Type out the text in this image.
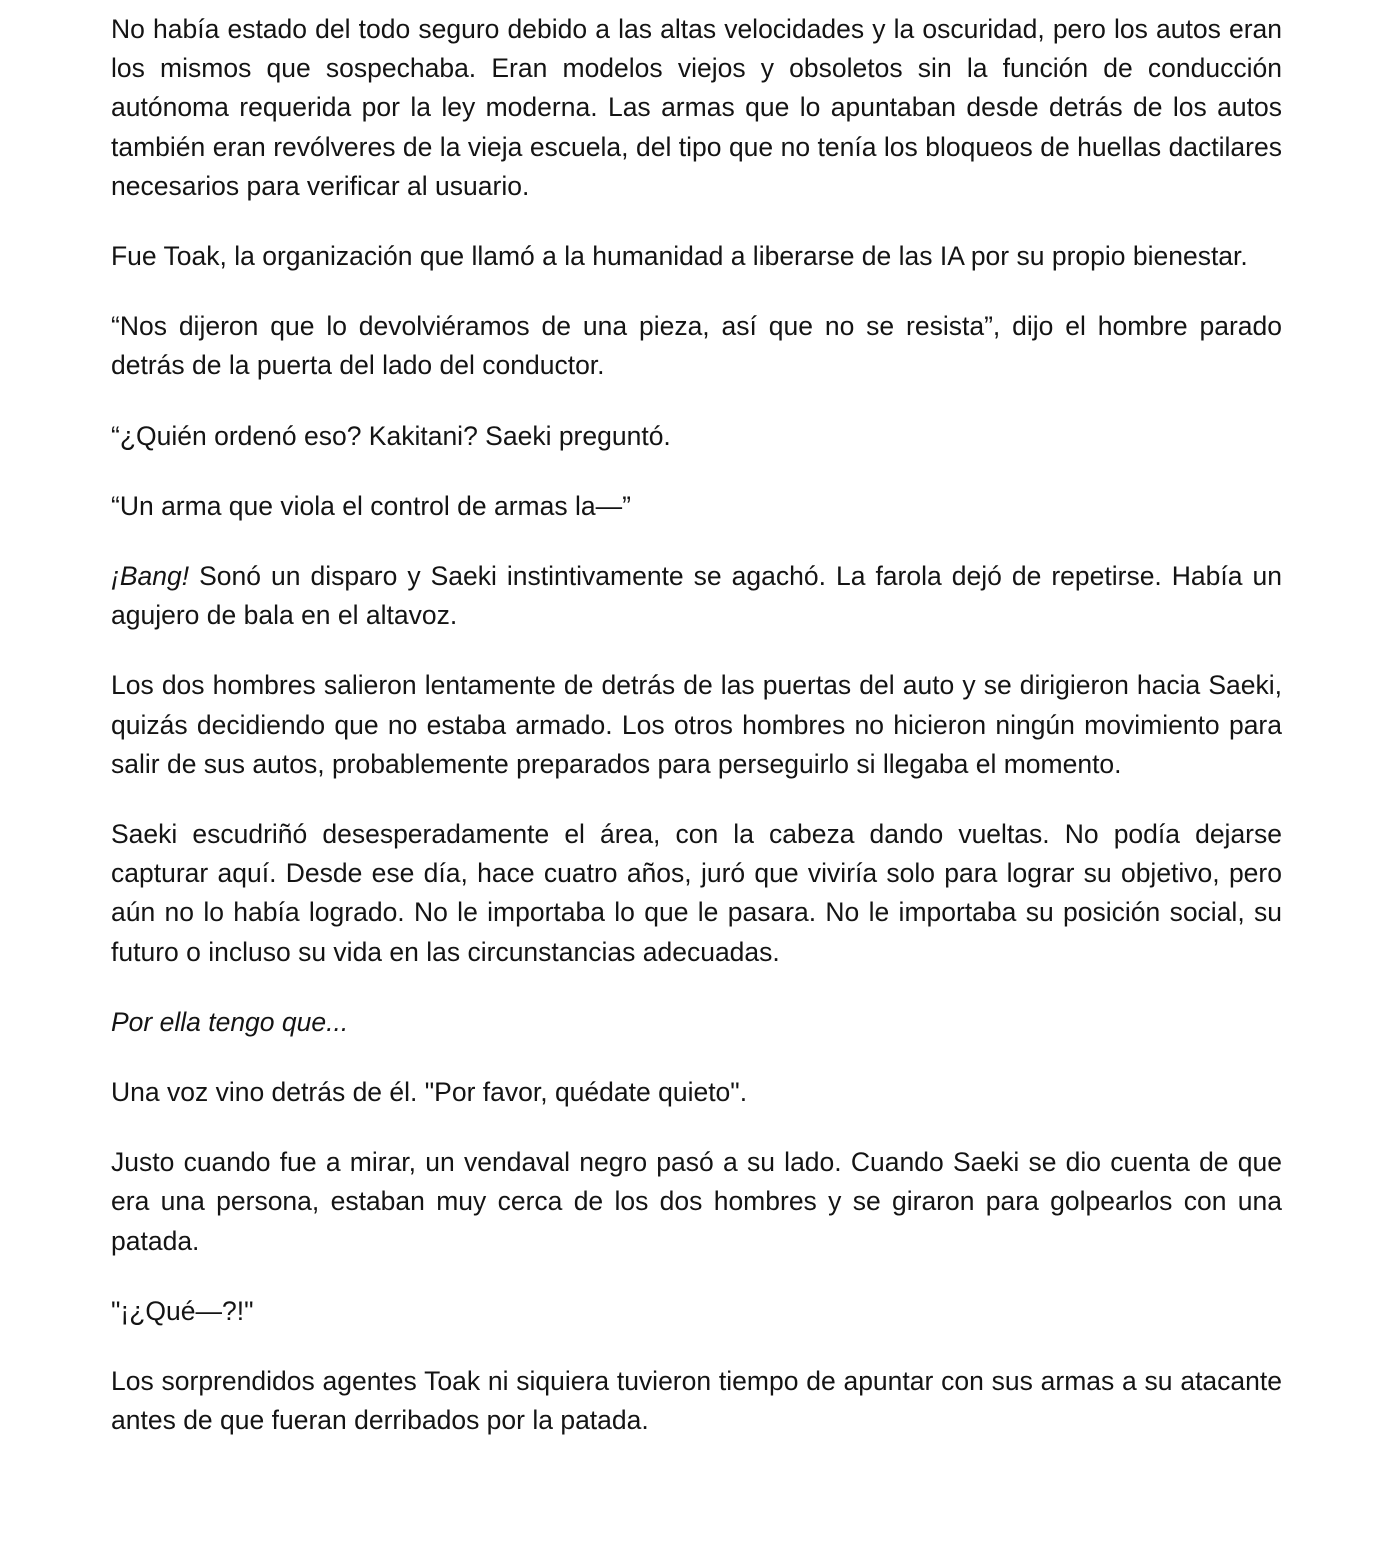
No había estado del todo seguro debido a las altas velocidades y la oscuridad, pero los autos eran los mismos que sospechaba. Eran modelos viejos y obsoletos sin la función de conducción autónoma requerida por la ley moderna. Las armas que lo apuntaban desde detrás de los autos también eran revólveres de la vieja escuela, del tipo que no tenía los bloqueos de huellas dactilares necesarios para verificar al usuario.

Fue Toak, la organización que llamó a la humanidad a liberarse de las IA por su propio bienestar.

“Nos dijeron que lo devolviéramos de una pieza, así que no se resista”, dijo el hombre parado detrás de la puerta del lado del conductor.

“¿Quién ordenó eso? Kakitani? Saeki preguntó.

“Un arma que viola el control de armas la—”

¡Bang! Sonó un disparo y Saeki instintivamente se agachó. La farola dejó de repetirse. Había un agujero de bala en el altavoz.

Los dos hombres salieron lentamente de detrás de las puertas del auto y se dirigieron hacia Saeki, quizás decidiendo que no estaba armado. Los otros hombres no hicieron ningún movimiento para salir de sus autos, probablemente preparados para perseguirlo si llegaba el momento.

Saeki escudriñó desesperadamente el área, con la cabeza dando vueltas. No podía dejarse capturar aquí. Desde ese día, hace cuatro años, juró que viviría solo para lograr su objetivo, pero aún no lo había logrado. No le importaba lo que le pasara. No le importaba su posición social, su futuro o incluso su vida en las circunstancias adecuadas.

Por ella tengo que...

Una voz vino detrás de él. "Por favor, quédate quieto".

Justo cuando fue a mirar, un vendaval negro pasó a su lado. Cuando Saeki se dio cuenta de que era una persona, estaban muy cerca de los dos hombres y se giraron para golpearlos con una patada.

"¡¿Qué—?!"

Los sorprendidos agentes Toak ni siquiera tuvieron tiempo de apuntar con sus armas a su atacante antes de que fueran derribados por la patada.
